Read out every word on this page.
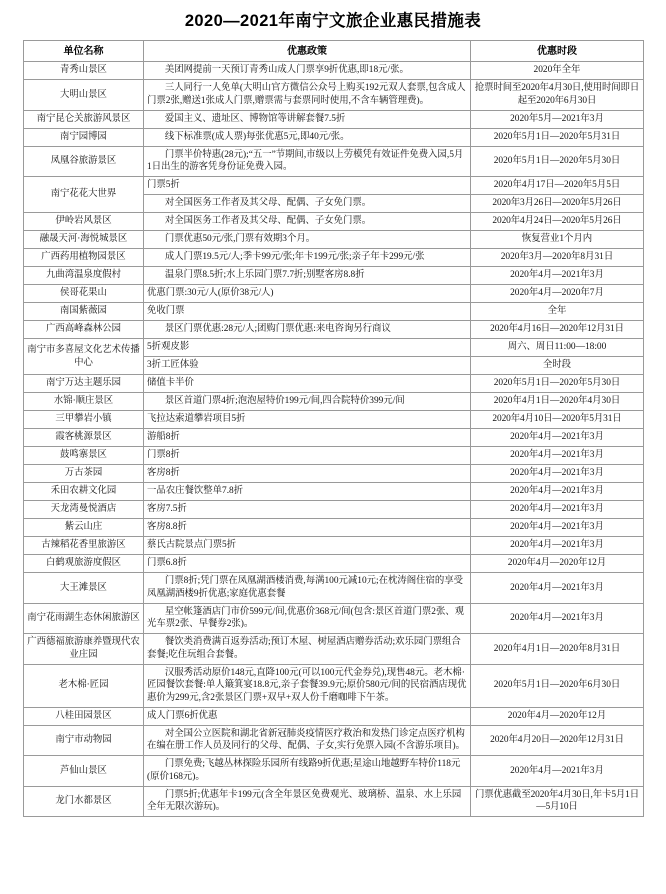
2020—2021年南宁文旅企业惠民措施表
单位名称	优惠政策	优惠时段
青秀山景区	美团网提前一天预订青秀山成人门票享9折优惠,即18元/张。	2020年全年
大明山景区	三人同行一人免单(大明山官方微信公众号上购买192元双人套票,包含成人门票2张,赠送1张成人门票,赠票需与套票同时使用,不含车辆管理费)。	抢票时间至2020年4月30日,使用时间即日起至2020年6月30日
南宁昆仑关旅游风景区	爱国主义、遗址区、博物馆等讲解套餐7.5折	2020年5月—2021年3月
南宁园博园	线下标准票(成人票)每张优惠5元,即40元/张。	2020年5月1日—2020年5月31日
凤凰谷旅游景区	门票半价特惠(28元);“五一”节期间,市级以上劳模凭有效证件免费入园,5月1日出生的游客凭身份证免费入园。	2020年5月1日—2020年5月30日
南宁花花大世界	门票5折	2020年4月17日—2020年5月5日
	对全国医务工作者及其父母、配偶、子女免门票。	2020年3月26日—2020年5月26日
伊岭岩风景区	对全国医务工作者及其父母、配偶、子女免门票。	2020年4月24日—2020年5月26日
融晟天河·海悦城景区	门票优惠50元/张,门票有效期3个月。	恢复营业1个月内
广西药用植物园景区	成人门票19.5元/人;季卡99元/张;年卡199元/张;亲子年卡299元/张	2020年3月—2020年8月31日
九曲湾温泉度假村	温泉门票8.5折;水上乐园门票7.7折;别墅客房8.8折	2020年4月—2021年3月
侯哥花果山	优惠门票:30元/人(原价38元/人)	2020年4月—2020年7月
南国紫薇园	免收门票	全年
广西高峰森林公园	景区门票优惠:28元/人;团购门票优惠:来电咨询另行商议	2020年4月16日—2020年12月31日
南宁市多喜屋文化艺术传播中心	5折观皮影	周六、周日11:00—18:00
	3折工匠体验	全时段
南宁万达主题乐园	储值卡半价	2020年5月1日—2020年5月30日
水锦·顺庄景区	景区首道门票4折;泡泡屋特价199元/间,四合院特价399元/间	2020年4月1日—2020年4月30日
三甲攀岩小镇	飞拉达索道攀岩项目5折	2020年4月10日—2020年5月31日
霞客桃源景区	游船8折	2020年4月—2021年3月
鼓鸣寨景区	门票8折	2020年4月—2021年3月
万古茶园	客房8折	2020年4月—2021年3月
禾田农耕文化园	一品农庄餐饮整单7.8折	2020年4月—2021年3月
天龙湾曼悦酒店	客房7.5折	2020年4月—2021年3月
紫云山庄	客房8.8折	2020年4月—2021年3月
古辣稻花香里旅游区	蔡氏古院景点门票5折	2020年4月—2021年3月
白鹤观旅游度假区	门票6.8折	2020年4月—2020年12月
大王滩景区	门票8折;凭门票在凤凰湖酒楼消费,每满100元减10元;在枕涛阁住宿的享受凤凰湖酒楼9折优惠;家庭优惠套餐	2020年4月—2021年3月
南宁花雨湖生态休闲旅游区	星空帐篷酒店门市价599元/间,优惠价368元/间(包含:景区首道门票2张、观光车票2张、早餐券2张)。	2020年4月—2021年3月
广西德福旅游康养暨现代农业庄园	餐饮类消费满百返券活动;预订木屋、树屋酒店赠券活动;欢乐园门票组合套餐;吃住玩组合套餐。	2020年4月1日—2020年8月31日
老木棉·匠园	汉服秀活动原价148元,直降100元(可以100元代金券兑),现售48元。老木棉·匠园餐饮套餐:单人簸箕宴18.8元,亲子套餐39.9元;原价580元/间的民宿酒店现优惠价为299元,含2张景区门票+双早+双人份千磨咖啡下午茶。	2020年5月1日—2020年6月30日
八桂田园景区	成人门票6折优惠	2020年4月—2020年12月
南宁市动物园	对全国公立医院和湖北省新冠肺炎疫情医疗救治和发热门诊定点医疗机构在编在册工作人员及同行的父母、配偶、子女,实行免票入园(不含游乐项目)。	2020年4月20日—2020年12月31日
芦仙山景区	门票免费;飞越丛林探险乐园所有线路9折优惠;星途山地越野车特价118元(原价168元)。	2020年4月—2021年3月
龙门水都景区	门票5折;优惠年卡199元(含全年景区免费观光、玻璃桥、温泉、水上乐园全年无限次游玩)。	门票优惠截至2020年4月30日,年卡5月1日—5月10日
